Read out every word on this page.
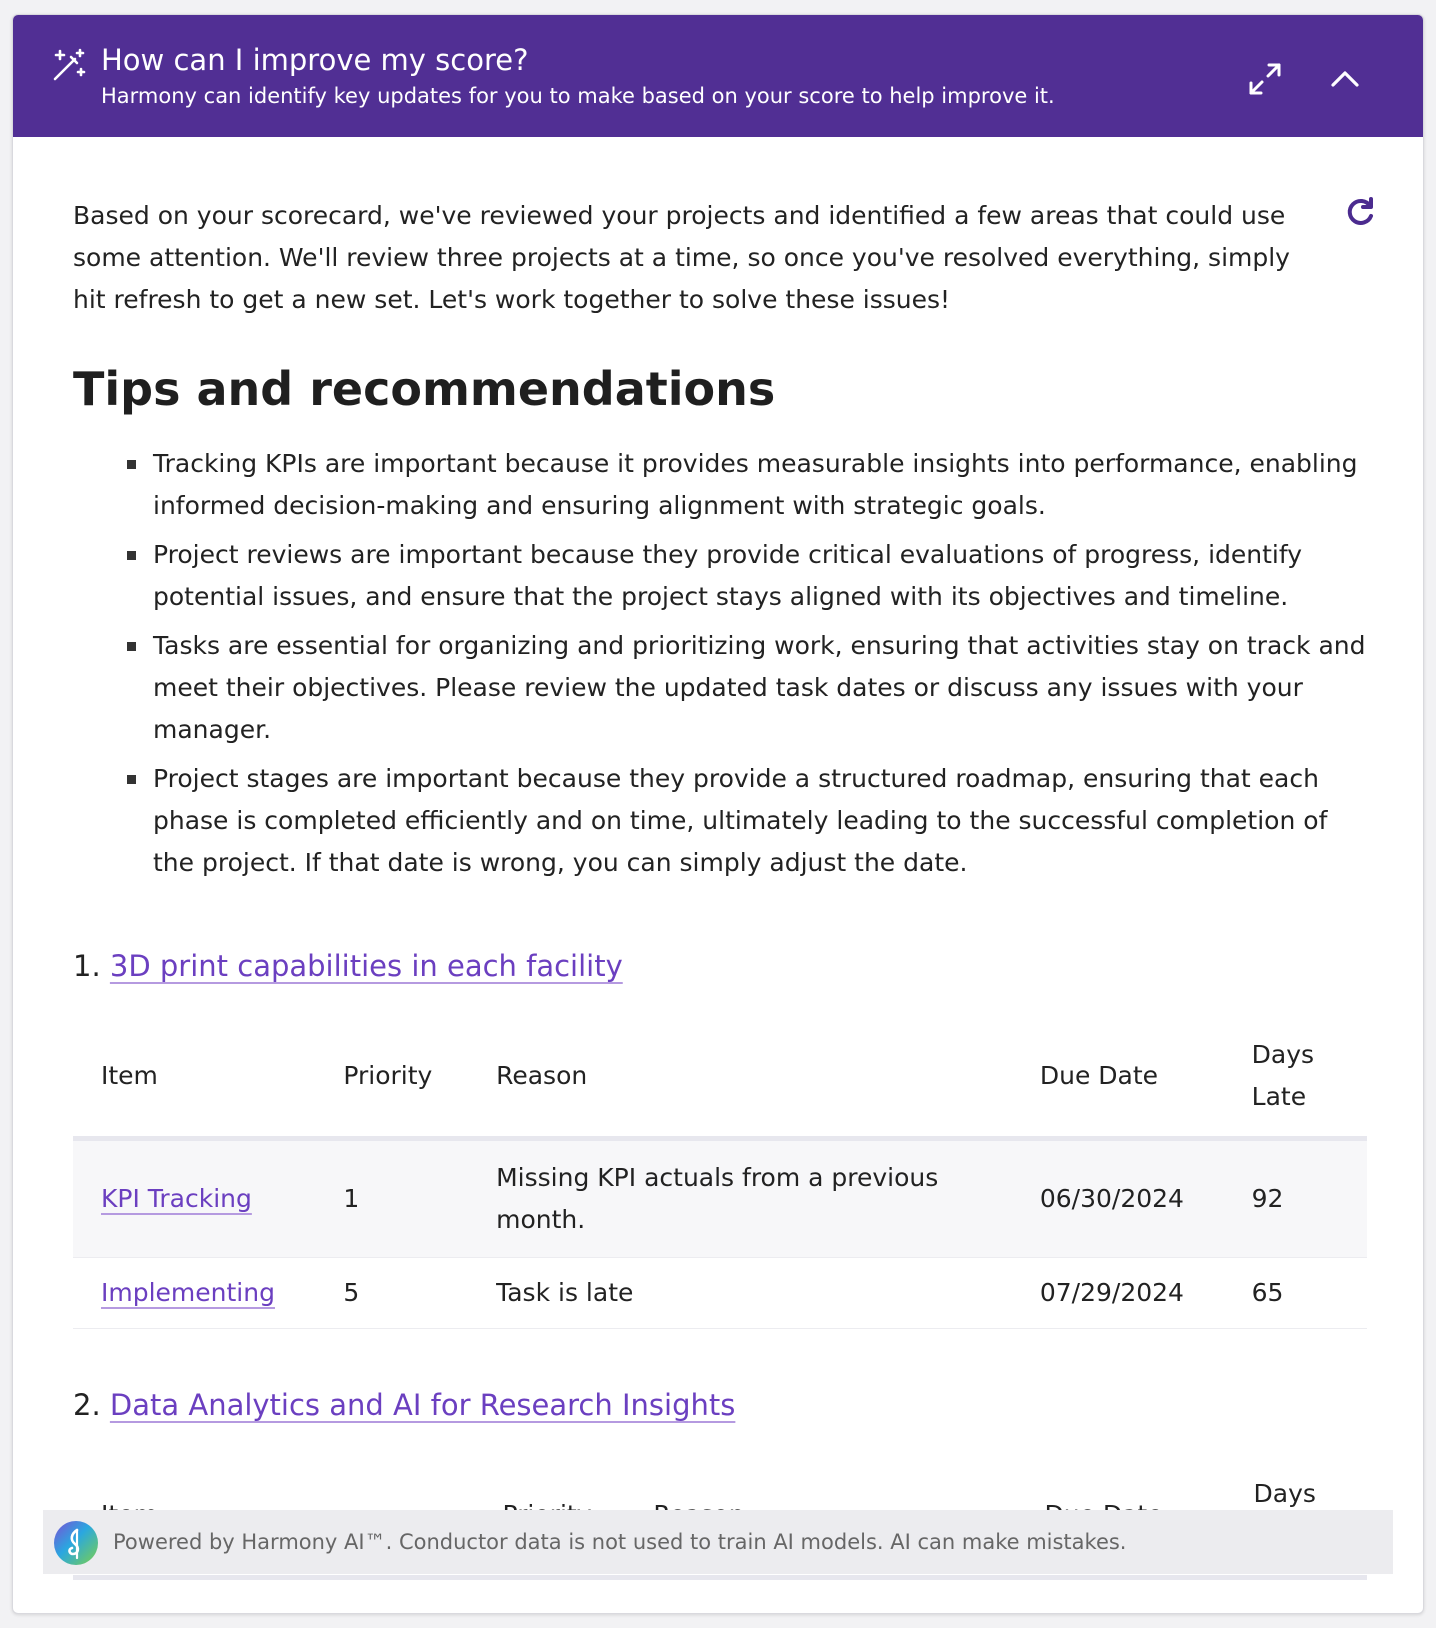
How can I improve my score?
Harmony can identify key updates for you to make based on your score to help improve it.

Based on your scorecard, we've reviewed your projects and identified a few areas that could use some attention. We'll review three projects at a time, so once you've resolved everything, simply hit refresh to get a new set. Let's work together to solve these issues!

Tips and recommendations
Tracking KPIs are important because it provides measurable insights into performance, enabling informed decision-making and ensuring alignment with strategic goals.
Project reviews are important because they provide critical evaluations of progress, identify potential issues, and ensure that the project stays aligned with its objectives and timeline.
Tasks are essential for organizing and prioritizing work, ensuring that activities stay on track and meet their objectives. Please review the updated task dates or discuss any issues with your manager.
Project stages are important because they provide a structured roadmap, ensuring that each phase is completed efficiently and on time, ultimately leading to the successful completion of the project. If that date is wrong, you can simply adjust the date.
1. 3D print capabilities in each facility
Item	Priority	Reason	Due Date	Days Late
KPI Tracking	1	Missing KPI actuals from a previous month.	06/30/2024	92
Implementing	5	Task is late	07/29/2024	65
2. Data Analytics and AI for Research Insights
				Days
Powered by Harmony AI™. Conductor data is not used to train AI models. AI can make mistakes.
